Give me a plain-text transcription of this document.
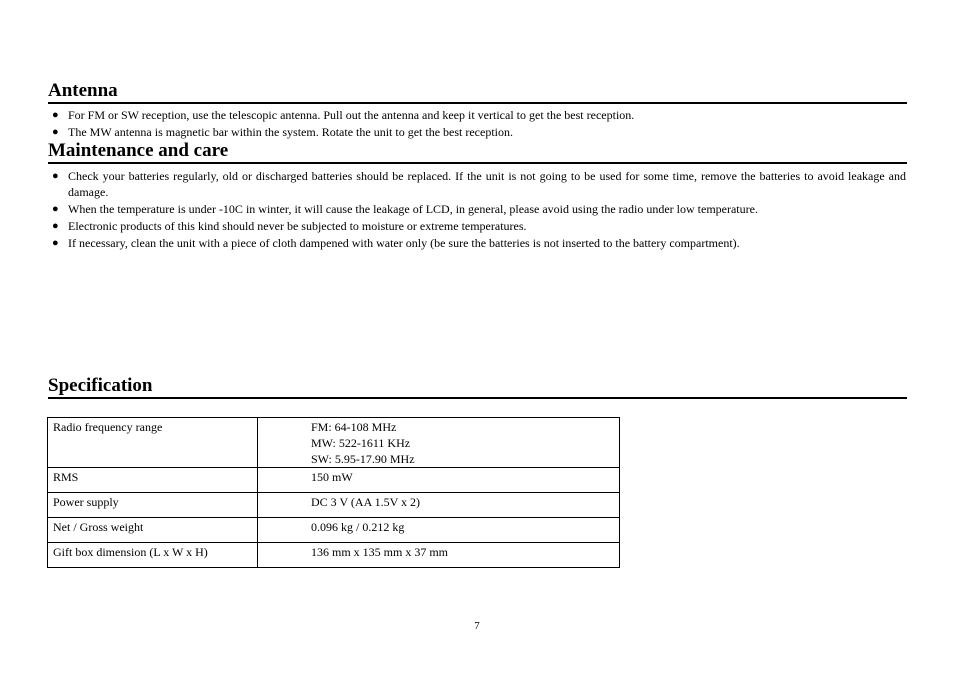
Antenna
● For FM or SW reception, use the telescopic antenna. Pull out the antenna and keep it vertical to get the best reception.
● The MW antenna is magnetic bar within the system. Rotate the unit to get the best reception.
Maintenance and care
● Check your batteries regularly, old or discharged batteries should be replaced. If the unit is not going to be used for some time, remove the batteries to avoid leakage and damage.
● When the temperature is under -10C in winter, it will cause the leakage of LCD, in general, please avoid using the radio under low temperature.
● Electronic products of this kind should never be subjected to moisture or extreme temperatures.
● If necessary, clean the unit with a piece of cloth dampened with water only (be sure the batteries is not inserted to the battery compartment).
Specification
Radio frequency range	FM: 64-108 MHz
MW: 522-1611 KHz
SW: 5.95-17.90 MHz

RMS	150 mW
Power supply	DC 3 V (AA 1.5V x 2)
Net / Gross weight	0.096 kg / 0.212 kg
Gift box dimension (L x W x H)	136 mm x 135 mm x 37 mm
7
